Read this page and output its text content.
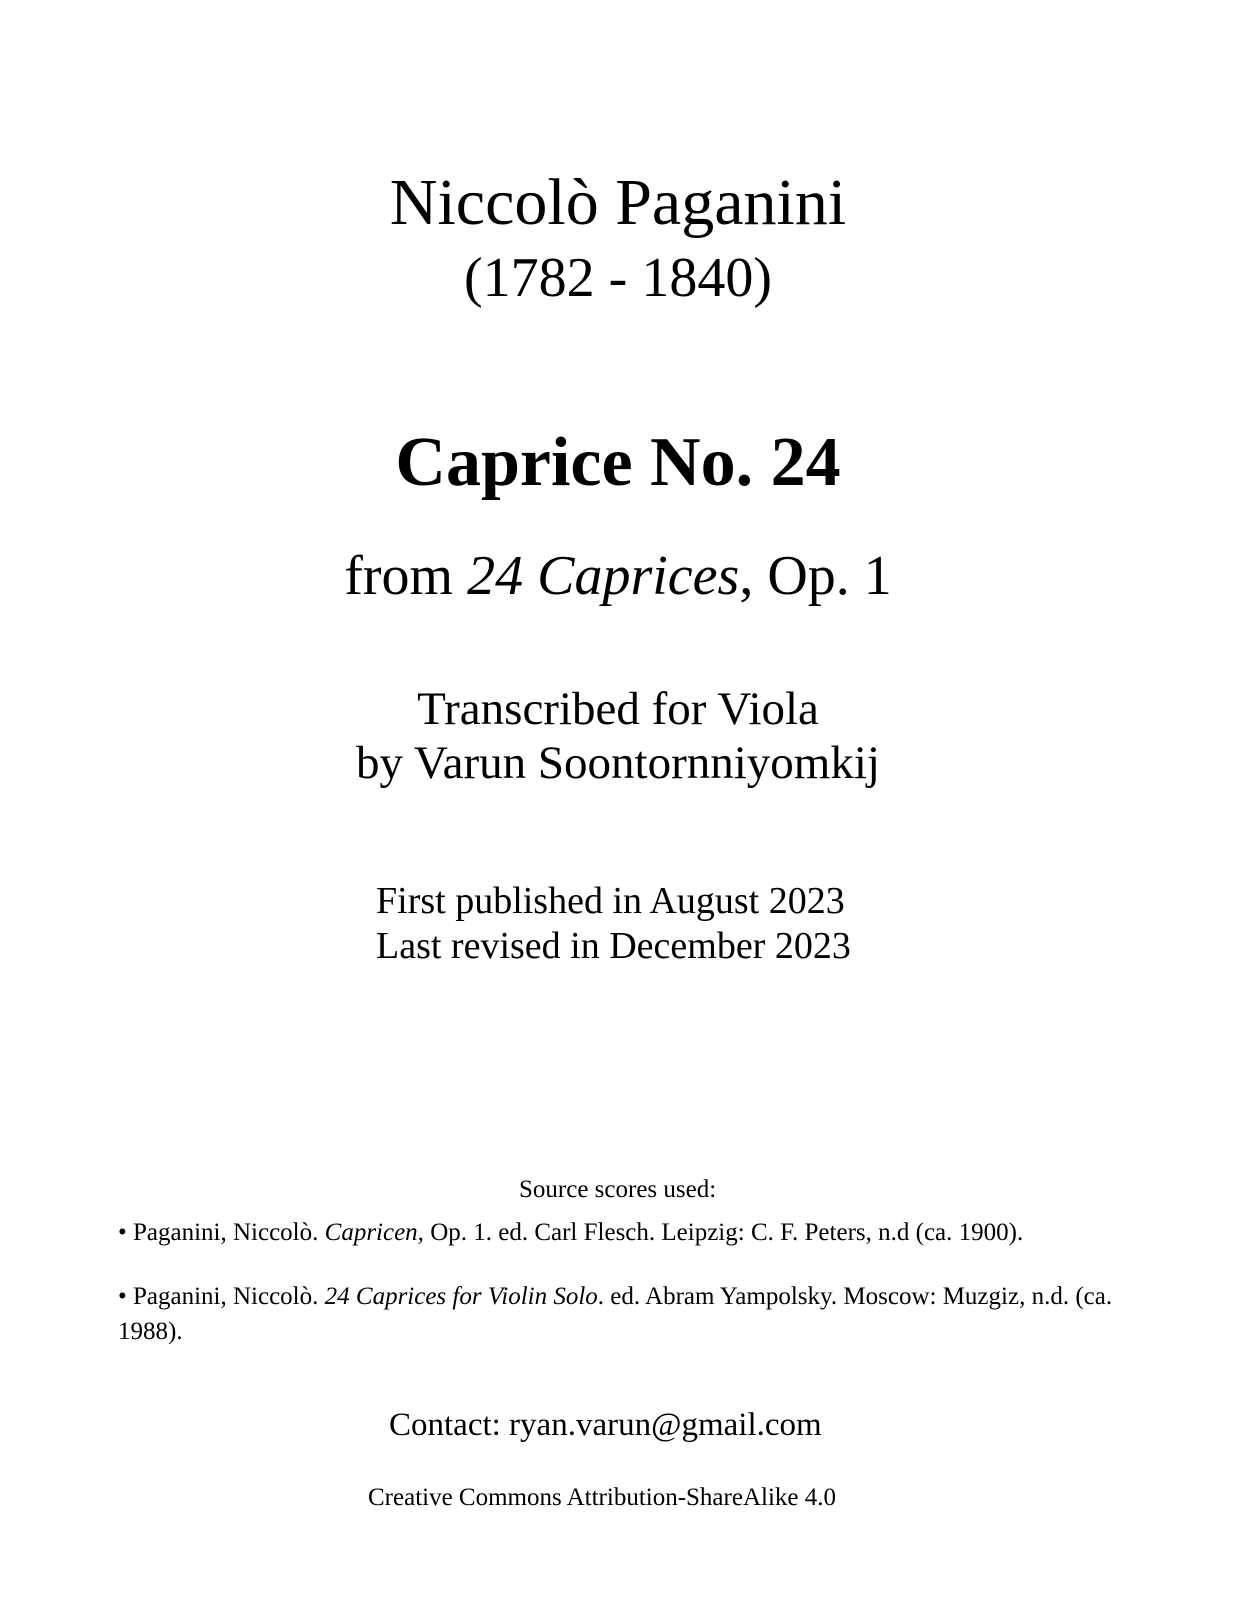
Niccolò Paganini
(1782 - 1840)
Caprice No. 24
from 24 Caprices, Op. 1
Transcribed for Viola
by Varun Soontornniyomkij
First published in August 2023
Last revised in December 2023
Source scores used:
• Paganini, Niccolò. Capricen, Op. 1. ed. Carl Flesch. Leipzig: C. F. Peters, n.d (ca. 1900).
• Paganini, Niccolò. 24 Caprices for Violin Solo. ed. Abram Yampolsky. Moscow: Muzgiz, n.d. (ca. 1988).
Contact: ryan.varun@gmail.com
Creative Commons Attribution-ShareAlike 4.0
